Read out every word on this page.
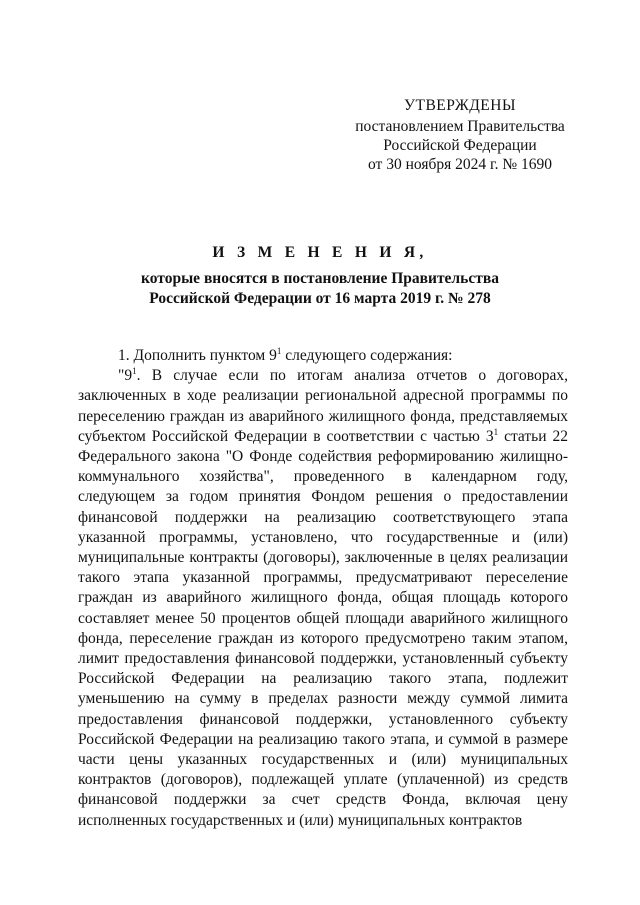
УТВЕРЖДЕНЫ
постановлением Правительства
Российской Федерации
от 30 ноября 2024 г. № 1690
И З М Е Н Е Н И Я,
которые вносятся в постановление Правительства
Российской Федерации от 16 марта 2019 г. № 278

1. Дополнить пунктом $9^1$ следующего содержания:

"$9^1$. В случае если по итогам анализа отчетов о договорах, заключенных в ходе реализации региональной адресной программы по переселению граждан из аварийного жилищного фонда, представляемых субъектом Российской Федерации в соответствии с частью $3^1$ статьи 22 Федерального закона "О Фонде содействия реформированию жилищно-коммунального хозяйства", проведенного в календарном году, следующем за годом принятия Фондом решения о предоставлении финансовой поддержки на реализацию соответствующего этапа указанной программы, установлено, что государственные и (или) муниципальные контракты (договоры), заключенные в целях реализации такого этапа указанной программы, предусматривают переселение граждан из аварийного жилищного фонда, общая площадь которого составляет менее 50 процентов общей площади аварийного жилищного фонда, переселение граждан из которого предусмотрено таким этапом, лимит предоставления финансовой поддержки, установленный субъекту Российской Федерации на реализацию такого этапа, подлежит уменьшению на сумму в пределах разности между суммой лимита предоставления финансовой поддержки, установленного субъекту Российской Федерации на реализацию такого этапа, и суммой в размере части цены указанных государственных и (или) муниципальных контрактов (договоров), подлежащей уплате (уплаченной) из средств финансовой поддержки за счет средств Фонда, включая цену исполненных государственных и (или) муниципальных контрактов
